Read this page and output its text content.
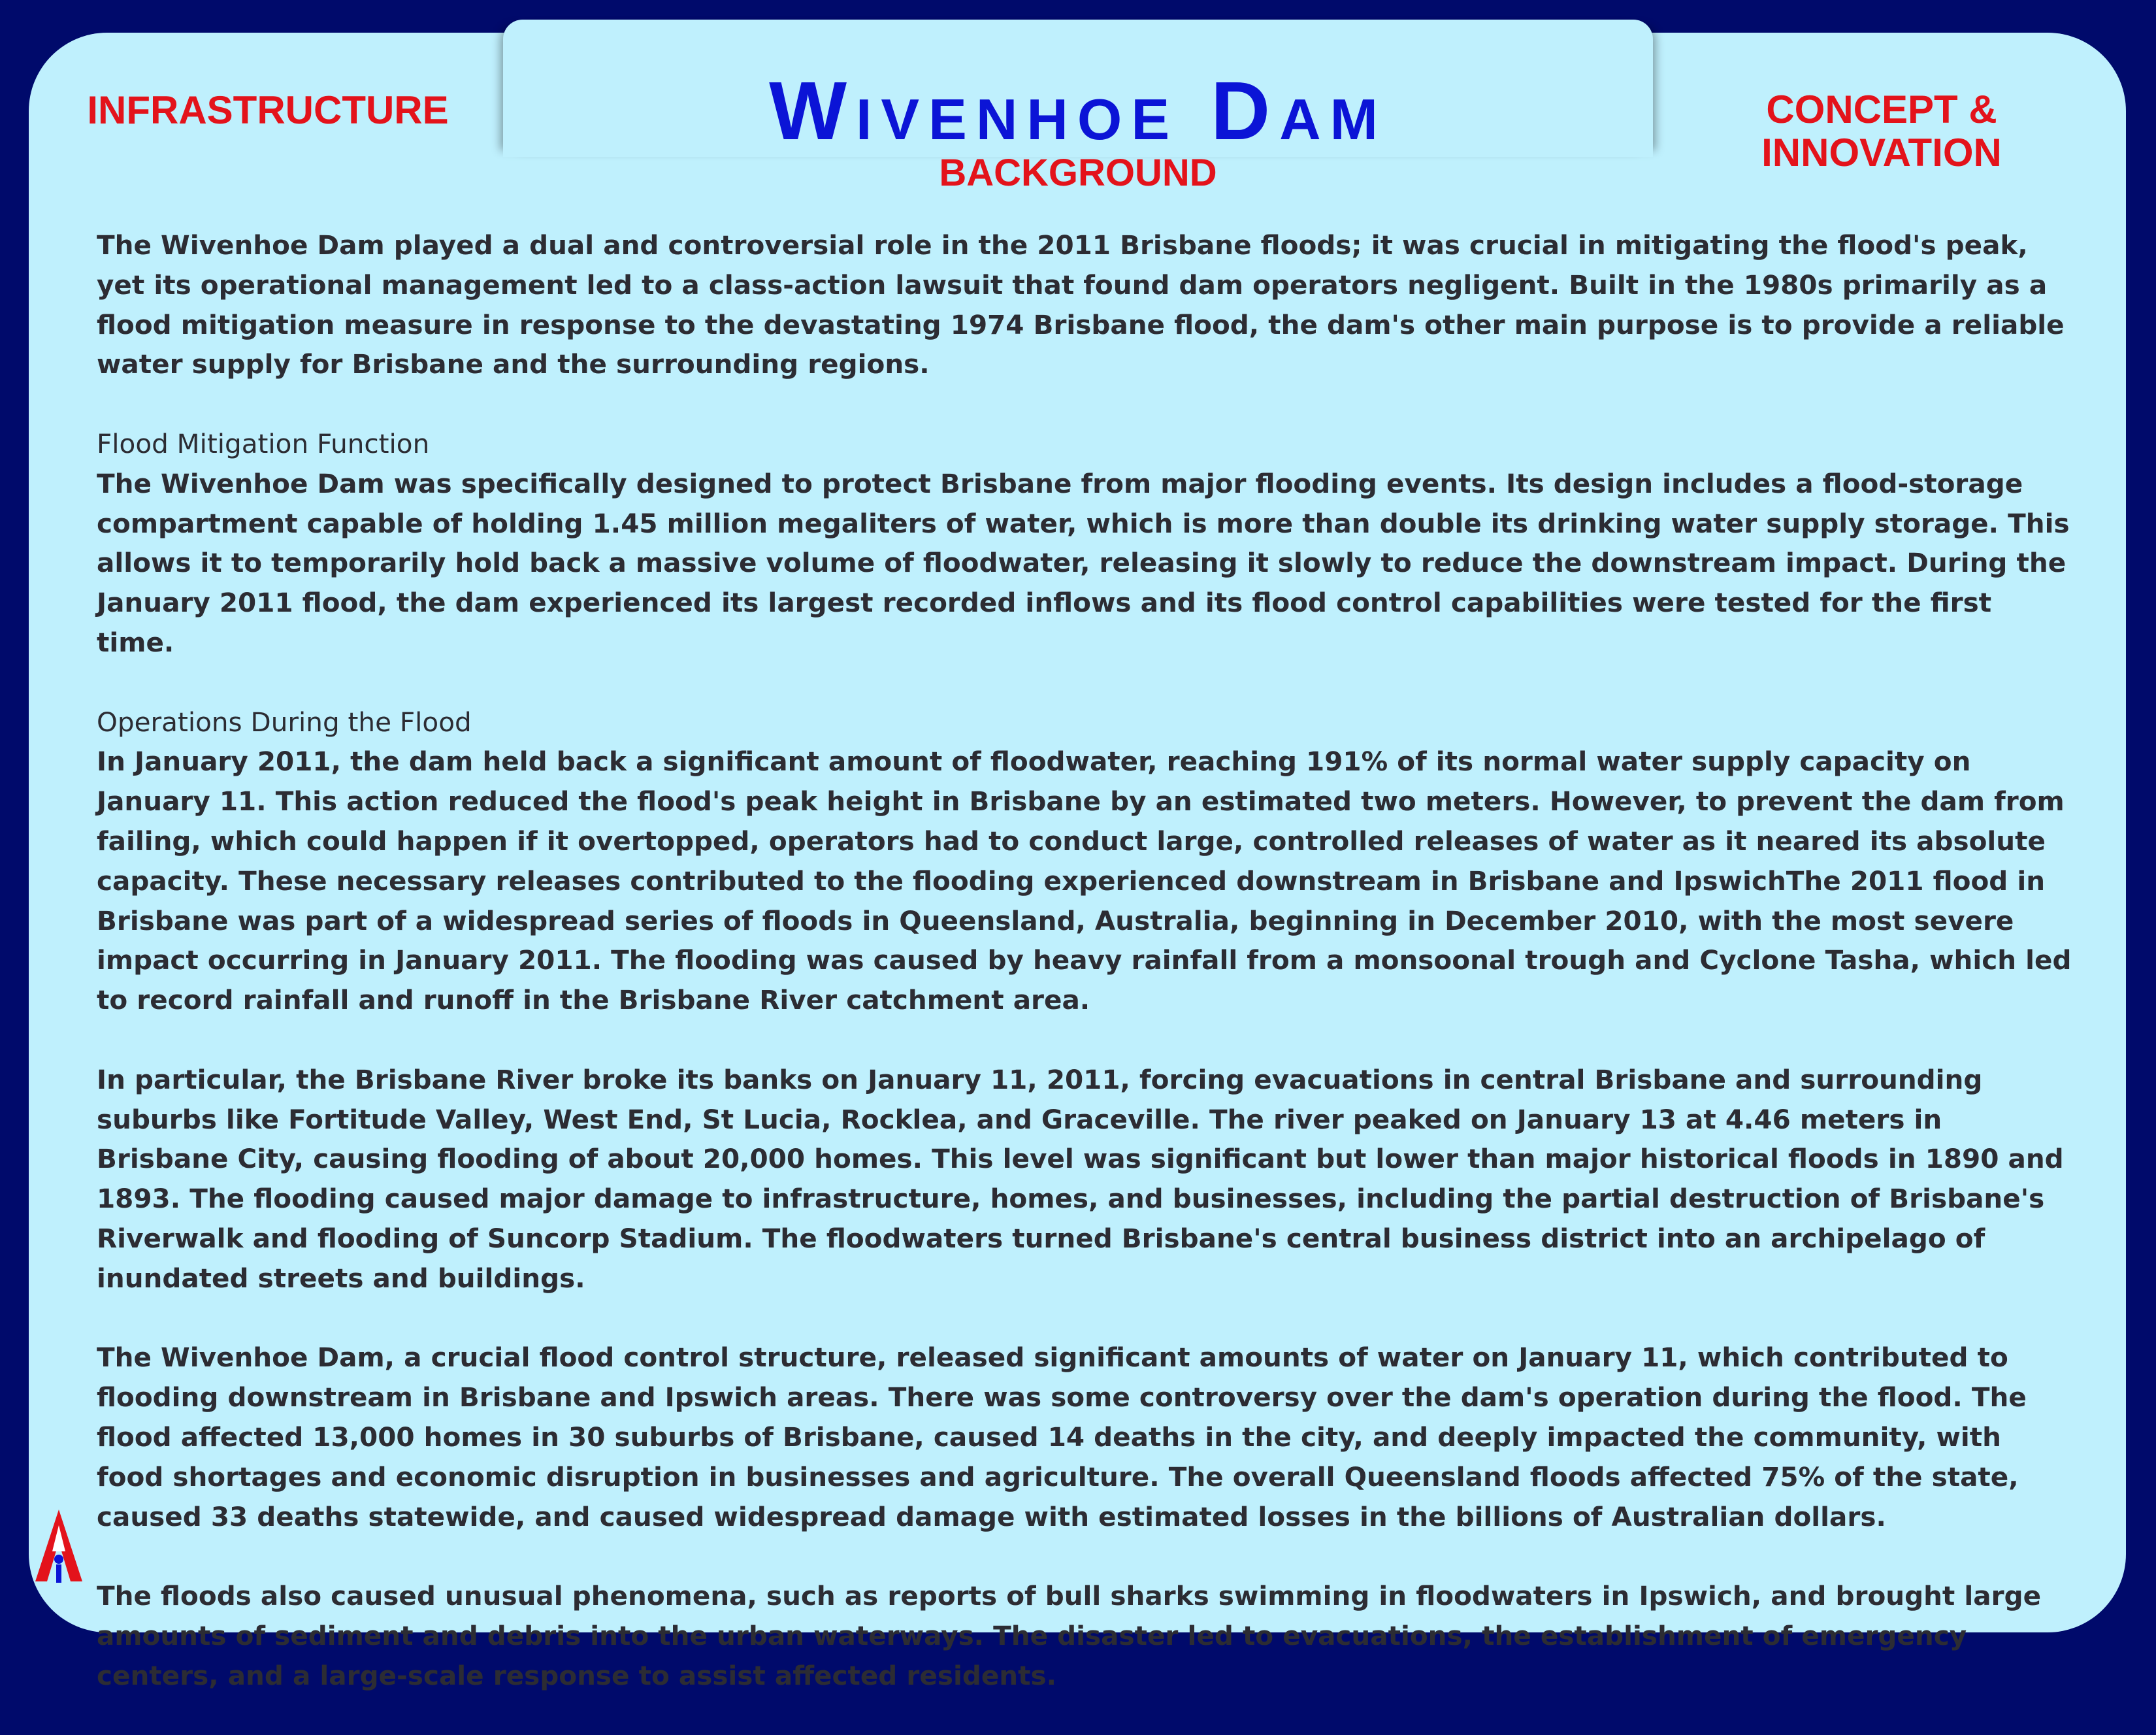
INFRASTRUCTURE	CONCEPT & INNOVATION
Wivenhoe Dam
BACKGROUND

The Wivenhoe Dam played a dual and controversial role in the 2011 Brisbane floods; it was crucial in mitigating the flood's peak, yet its operational management led to a class-action lawsuit that found dam operators negligent. Built in the 1980s primarily as a flood mitigation measure in response to the devastating 1974 Brisbane flood, the dam's other main purpose is to provide a reliable water supply for Brisbane and the surrounding regions.

Flood Mitigation Function

The Wivenhoe Dam was specifically designed to protect Brisbane from major flooding events. Its design includes a flood-storage compartment capable of holding 1.45 million megaliters of water, which is more than double its drinking water supply storage. This allows it to temporarily hold back a massive volume of floodwater, releasing it slowly to reduce the downstream impact. During the January 2011 flood, the dam experienced its largest recorded inflows and its flood control capabilities were tested for the first time.

Operations During the Flood

In January 2011, the dam held back a significant amount of floodwater, reaching 191% of its normal water supply capacity on January 11. This action reduced the flood's peak height in Brisbane by an estimated two meters. However, to prevent the dam from failing, which could happen if it overtopped, operators had to conduct large, controlled releases of water as it neared its absolute capacity. These necessary releases contributed to the flooding experienced downstream in Brisbane and IpswichThe 2011 flood in Brisbane was part of a widespread series of floods in Queensland, Australia, beginning in December 2010, with the most severe impact occurring in January 2011. The flooding was caused by heavy rainfall from a monsoonal trough and Cyclone Tasha, which led to record rainfall and runoff in the Brisbane River catchment area.

In particular, the Brisbane River broke its banks on January 11, 2011, forcing evacuations in central Brisbane and surrounding suburbs like Fortitude Valley, West End, St Lucia, Rocklea, and Graceville. The river peaked on January 13 at 4.46 meters in Brisbane City, causing flooding of about 20,000 homes. This level was significant but lower than major historical floods in 1890 and 1893. The flooding caused major damage to infrastructure, homes, and businesses, including the partial destruction of Brisbane's Riverwalk and flooding of Suncorp Stadium. The floodwaters turned Brisbane's central business district into an archipelago of inundated streets and buildings.

The Wivenhoe Dam, a crucial flood control structure, released significant amounts of water on January 11, which contributed to flooding downstream in Brisbane and Ipswich areas. There was some controversy over the dam's operation during the flood. The flood affected 13,000 homes in 30 suburbs of Brisbane, caused 14 deaths in the city, and deeply impacted the community, with food shortages and economic disruption in businesses and agriculture. The overall Queensland floods affected 75% of the state, caused 33 deaths statewide, and caused widespread damage with estimated losses in the billions of Australian dollars.

The floods also caused unusual phenomena, such as reports of bull sharks swimming in floodwaters in Ipswich, and brought large amounts of sediment and debris into the urban waterways. The disaster led to evacuations, the establishment of emergency centers, and a large-scale response to assist affected residents.
